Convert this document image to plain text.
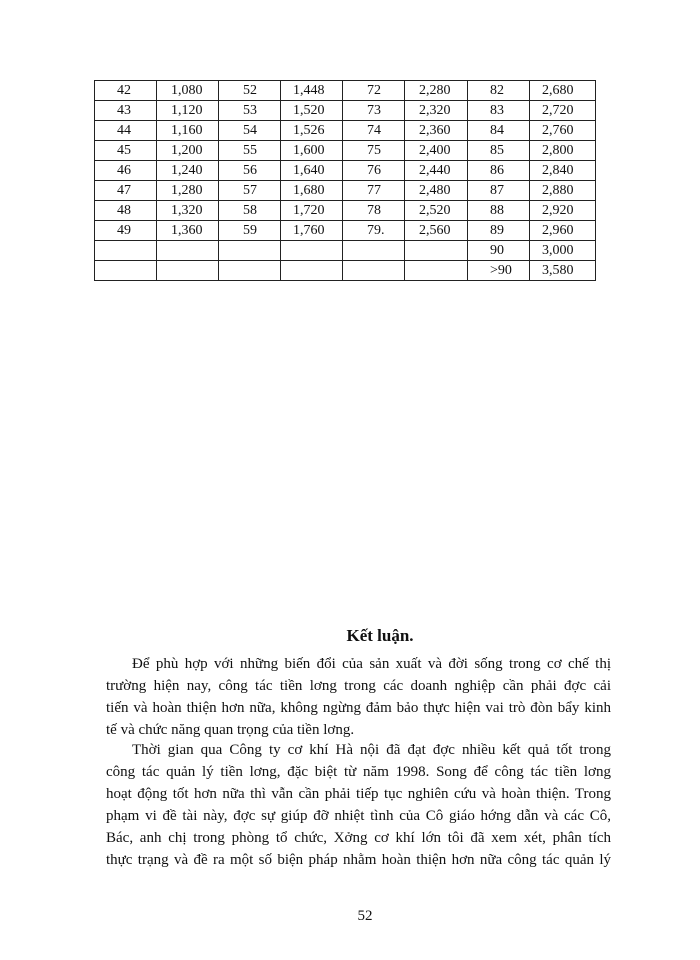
42	1,080	52	1,448	72	2,280	82	2,680
43	1,120	53	1,520	73	2,320	83	2,720
44	1,160	54	1,526	74	2,360	84	2,760
45	1,200	55	1,600	75	2,400	85	2,800
46	1,240	56	1,640	76	2,440	86	2,840
47	1,280	57	1,680	77	2,480	87	2,880
48	1,320	58	1,720	78	2,520	88	2,920
49	1,360	59	1,760	79.	2,560	89	2,960
						90	3,000
						>90	3,580
Kết luận.

Để phù hợp với những biến đổi của sản xuất và đời sống trong cơ chế thị
trường hiện nay, công tác tiền lơng trong các doanh nghiệp cần phải đợc cải
tiến và hoàn thiện hơn nữa, không ngừng đảm bảo thực hiện vai trò đòn bẩy kinh
tế và chức năng quan trọng của tiền lơng.

Thời gian qua Công ty cơ khí Hà nội đã đạt đợc nhiều kết quả tốt trong
công tác quản lý tiền lơng, đặc biệt từ năm 1998. Song để công tác tiền lơng
hoạt động tốt hơn nữa thì vẫn cần phải tiếp tục nghiên cứu và hoàn thiện. Trong
phạm vi đề tài này, đợc sự giúp đỡ nhiệt tình của Cô giáo hớng dẫn và các Cô,
Bác, anh chị trong phòng tổ chức, Xởng cơ khí lớn tôi đã xem xét, phân tích
thực trạng và đề ra một số biện pháp nhằm hoàn thiện hơn nữa công tác quản lý

52
